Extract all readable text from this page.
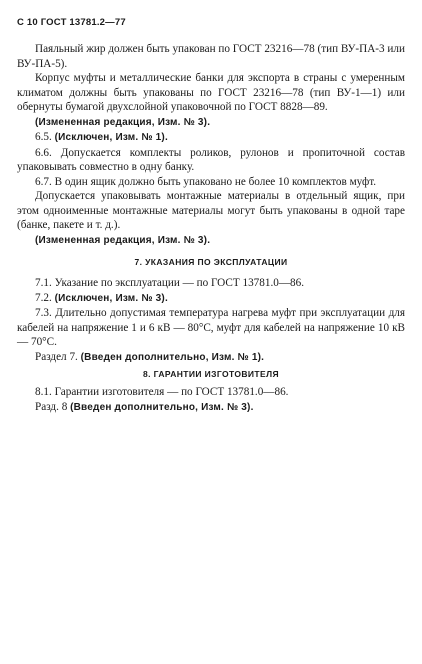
С 10 ГОСТ 13781.2—77

Паяльный жир должен быть упакован по ГОСТ 23216—78 (тип ВУ-ПА-3 или ВУ-ПА-5).

Корпус муфты и металлические банки для экспорта в страны с умеренным климатом должны быть упакованы по ГОСТ 23216—78 (тип ВУ-1—1) или обернуты бумагой двухслойной упаковочной по ГОСТ 8828—89.

(Измененная редакция, Изм. № 3).

6.5. (Исключен, Изм. № 1).

6.6. Допускается комплекты роликов, рулонов и пропиточной состав упаковывать совместно в одну банку.

6.7. В один ящик должно быть упаковано не более 10 комплектов муфт.

Допускается упаковывать монтажные материалы в отдельный ящик, при этом одноименные монтажные материалы могут быть упакованы в одной таре (банке, пакете и т. д.).

(Измененная редакция, Изм. № 3).

7. УКАЗАНИЯ ПО ЭКСПЛУАТАЦИИ

7.1. Указание по эксплуатации — по ГОСТ 13781.0—86.

7.2. (Исключен, Изм. № 3).

7.3. Длительно допустимая температура нагрева муфт при эксплуатации для кабелей на напряжение 1 и 6 кВ — 80°С, муфт для кабелей на напряжение 10 кВ — 70°С.

Раздел 7. (Введен дополнительно, Изм. № 1).

8. ГАРАНТИИ ИЗГОТОВИТЕЛЯ

8.1. Гарантии изготовителя — по ГОСТ 13781.0—86.

Разд. 8 (Введен дополнительно, Изм. № 3).
